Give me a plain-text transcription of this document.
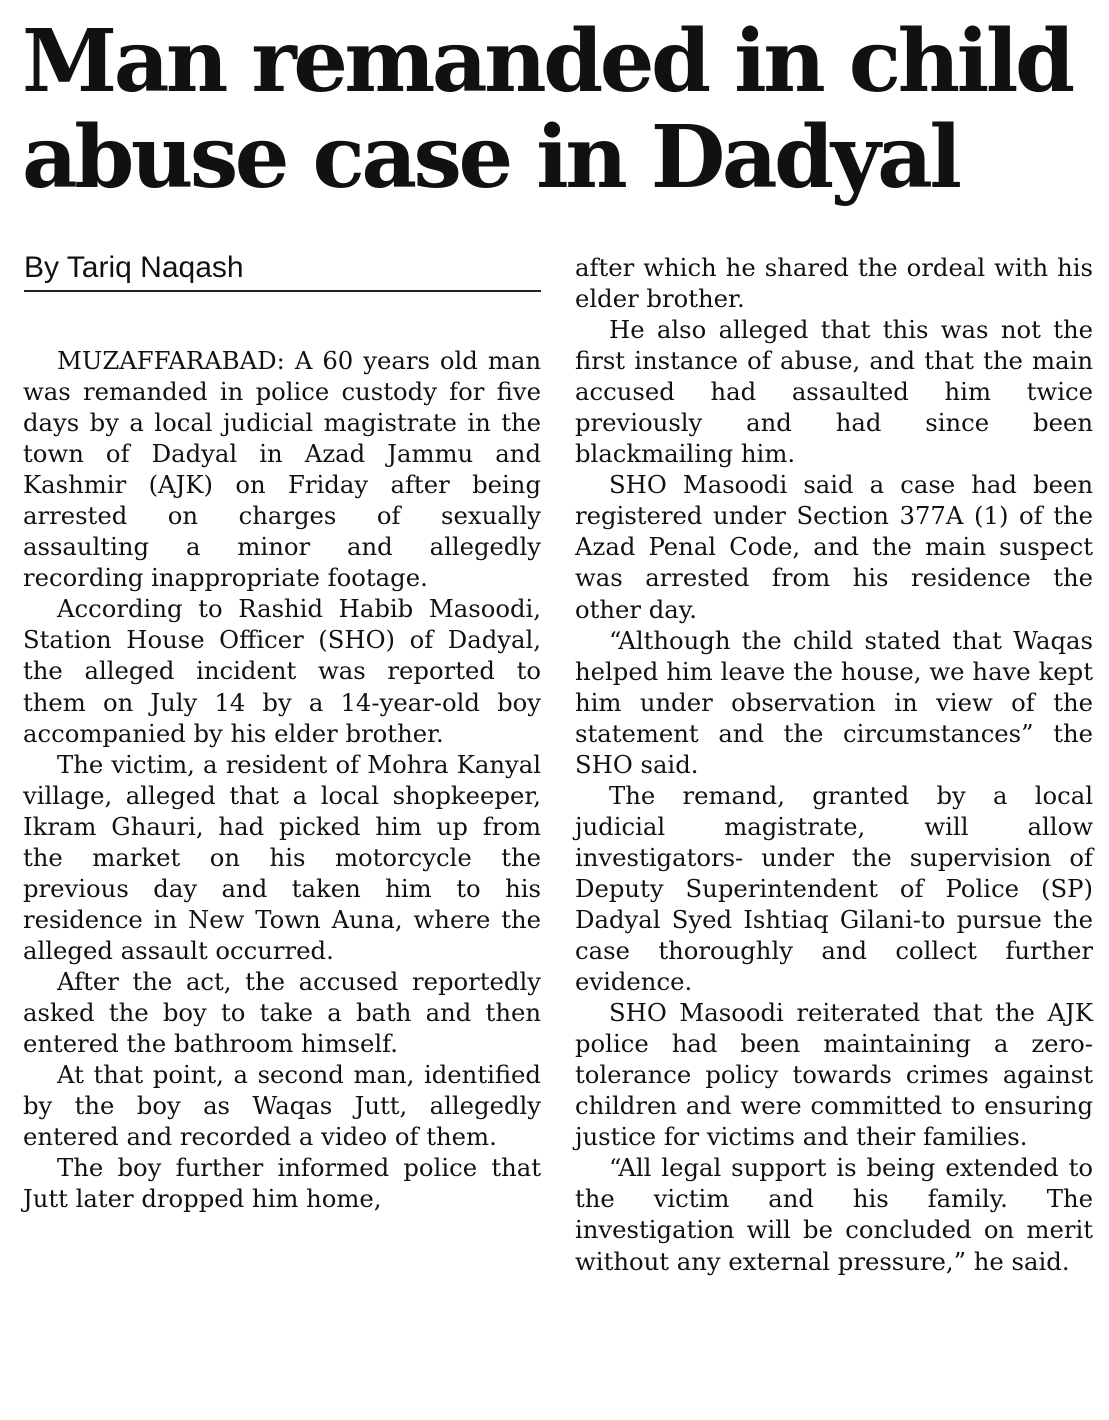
Man remanded in child abuse case in Dadyal
By Tariq Naqash

MUZAFFARABAD: A 60 years old man was remanded in police custody for five days by a local judicial magistrate in the town of Dadyal in Azad Jammu and Kashmir (AJK) on Friday after being arrested on charges of sexually assaulting a minor and allegedly recording inappropriate footage.

According to Rashid Habib Masoodi, Station House Officer (SHO) of Dadyal, the alleged incident was reported to them on July 14 by a 14-year-old boy accompanied by his elder brother.

The victim, a resident of Mohra Kanyal village, alleged that a local shopkeeper, Ikram Ghauri, had picked him up from the market on his motorcycle the previous day and taken him to his residence in New Town Auna, where the alleged assault occurred.

After the act, the accused reportedly asked the boy to take a bath and then entered the bathroom himself.

At that point, a second man, identified by the boy as Waqas Jutt, allegedly entered and recorded a video of them.

The boy further informed police that Jutt later dropped him home,

after which he shared the ordeal with his elder brother.

He also alleged that this was not the first instance of abuse, and that the main accused had assaulted him twice previously and had since been blackmailing him.

SHO Masoodi said a case had been registered under Section 377A (1) of the Azad Penal Code, and the main suspect was arrested from his residence the other day.

“Although the child stated that Waqas helped him leave the house, we have kept him under observation in view of the statement and the circumstances” the SHO said.

The remand, granted by a local judicial magistrate, will allow investigators- under the supervision of Deputy Superintendent of Police (SP) Dadyal Syed Ishtiaq Gilani-to pursue the case thoroughly and collect further evidence.

SHO Masoodi reiterated that the AJK police had been maintaining a zero-tolerance policy towards crimes against children and were committed to ensuring justice for victims and their families.

“All legal support is being extended to the victim and his family. The investigation will be concluded on merit without any external pressure,” he said.
